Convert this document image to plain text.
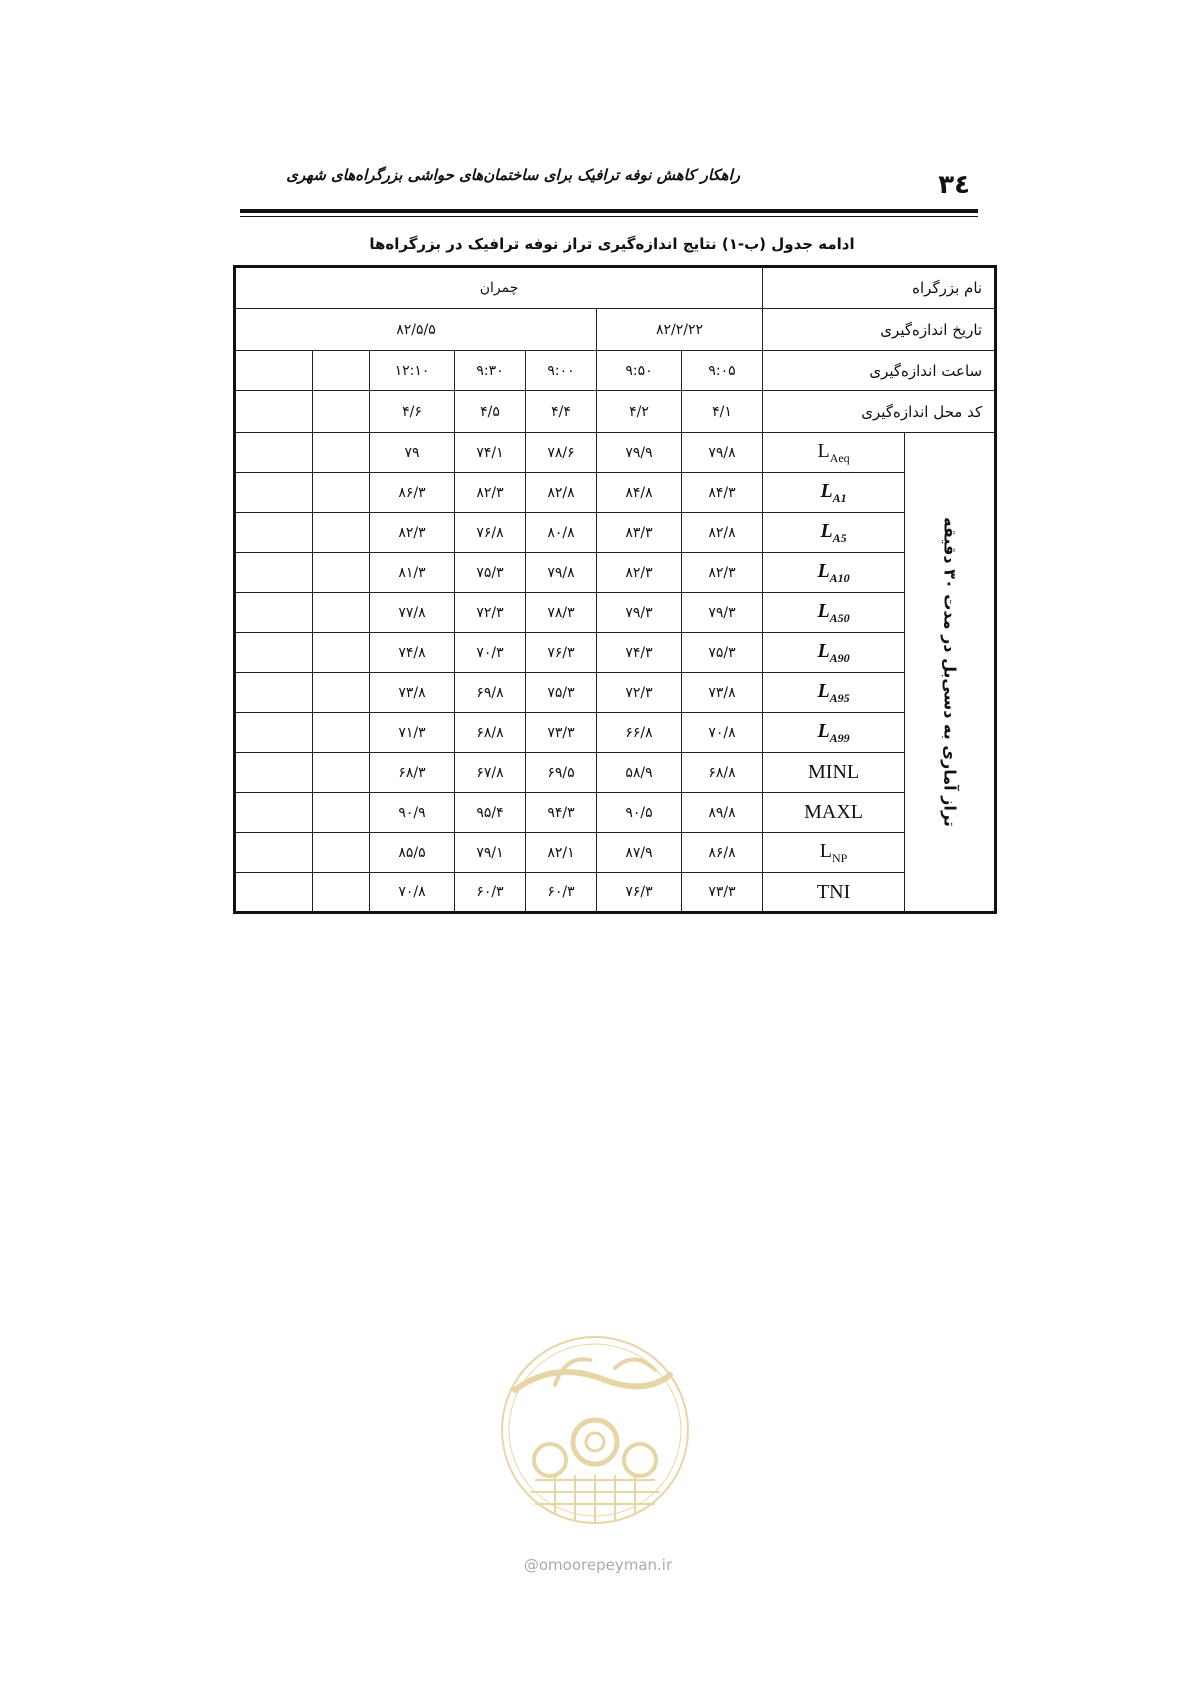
راهکار کاهش نوفه ترافیک برای ساختمان‌های حواشی بزرگراه‌های شهری	۳٤
ادامه جدول (ب-۱) نتایج اندازه‌گیری تراز نوفه ترافیک در بزرگراه‌ها
چمران							نام بزرگراه	
۸۲/۵/۵					۸۲/۲/۲۲		تاریخ اندازه‌گیری	
		۱۲:۱۰	۹:۳۰	۹:۰۰	۹:۵۰	۹:۰۵	ساعت اندازه‌گیری	
		۴/۶	۴/۵	۴/۴	۴/۲	۴/۱	کد محل اندازه‌گیری	
		۷۹	۷۴/۱	۷۸/۶	۷۹/۹	۷۹/۸	$L_{Aeq}$	تراز آماری به دسی‌بل در مدت ۳۰ دقیقه

		۸۶/۳	۸۲/۳	۸۲/۸	۸۴/۸	۸۴/۳	$L_{A1}$
		۸۲/۳	۷۶/۸	۸۰/۸	۸۳/۳	۸۲/۸	$L_{A5}$
		۸۱/۳	۷۵/۳	۷۹/۸	۸۲/۳	۸۲/۳	$L_{A10}$
		۷۷/۸	۷۲/۳	۷۸/۳	۷۹/۳	۷۹/۳	$L_{A50}$
		۷۴/۸	۷۰/۳	۷۶/۳	۷۴/۳	۷۵/۳	$L_{A90}$
		۷۳/۸	۶۹/۸	۷۵/۳	۷۲/۳	۷۳/۸	$L_{A95}$
		۷۱/۳	۶۸/۸	۷۳/۳	۶۶/۸	۷۰/۸	$L_{A99}$
		۶۸/۳	۶۷/۸	۶۹/۵	۵۸/۹	۶۸/۸	MINL	
		۹۰/۹	۹۵/۴	۹۴/۳	۹۰/۵	۸۹/۸	MAXL	
		۸۵/۵	۷۹/۱	۸۲/۱	۸۷/۹	۸۶/۸	$L_{NP}$
		۷۰/۸	۶۰/۳	۶۰/۳	۷۶/۳	۷۳/۳	TNI	
@omoorepeyman.ir
